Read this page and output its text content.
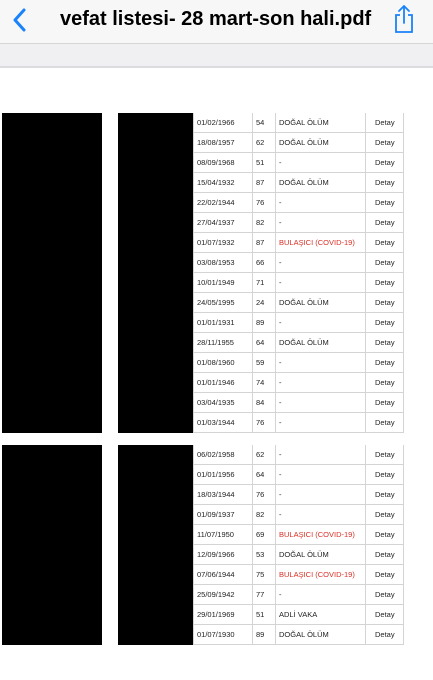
vefat listesi- 28 mart-son hali.pdf
01/02/1966	54	DOĞAL ÖLÜM	Detay
18/08/1957	62	DOĞAL ÖLÜM	Detay
08/09/1968	51	-	Detay
15/04/1932	87	DOĞAL ÖLÜM	Detay
22/02/1944	76	-	Detay
27/04/1937	82	-	Detay
01/07/1932	87	BULAŞICI (COVID-19)	Detay
03/08/1953	66	-	Detay
10/01/1949	71	-	Detay
24/05/1995	24	DOĞAL ÖLÜM	Detay
01/01/1931	89	-	Detay
28/11/1955	64	DOĞAL ÖLÜM	Detay
01/08/1960	59	-	Detay
01/01/1946	74	-	Detay
03/04/1935	84	-	Detay
01/03/1944	76	-	Detay
06/02/1958	62	-	Detay
01/01/1956	64	-	Detay
18/03/1944	76	-	Detay
01/09/1937	82	-	Detay
11/07/1950	69	BULAŞICI (COVID-19)	Detay
12/09/1966	53	DOĞAL ÖLÜM	Detay
07/06/1944	75	BULAŞICI (COVID-19)	Detay
25/09/1942	77	-	Detay
29/01/1969	51	ADLİ VAKA	Detay
01/07/1930	89	DOĞAL ÖLÜM	Detay
